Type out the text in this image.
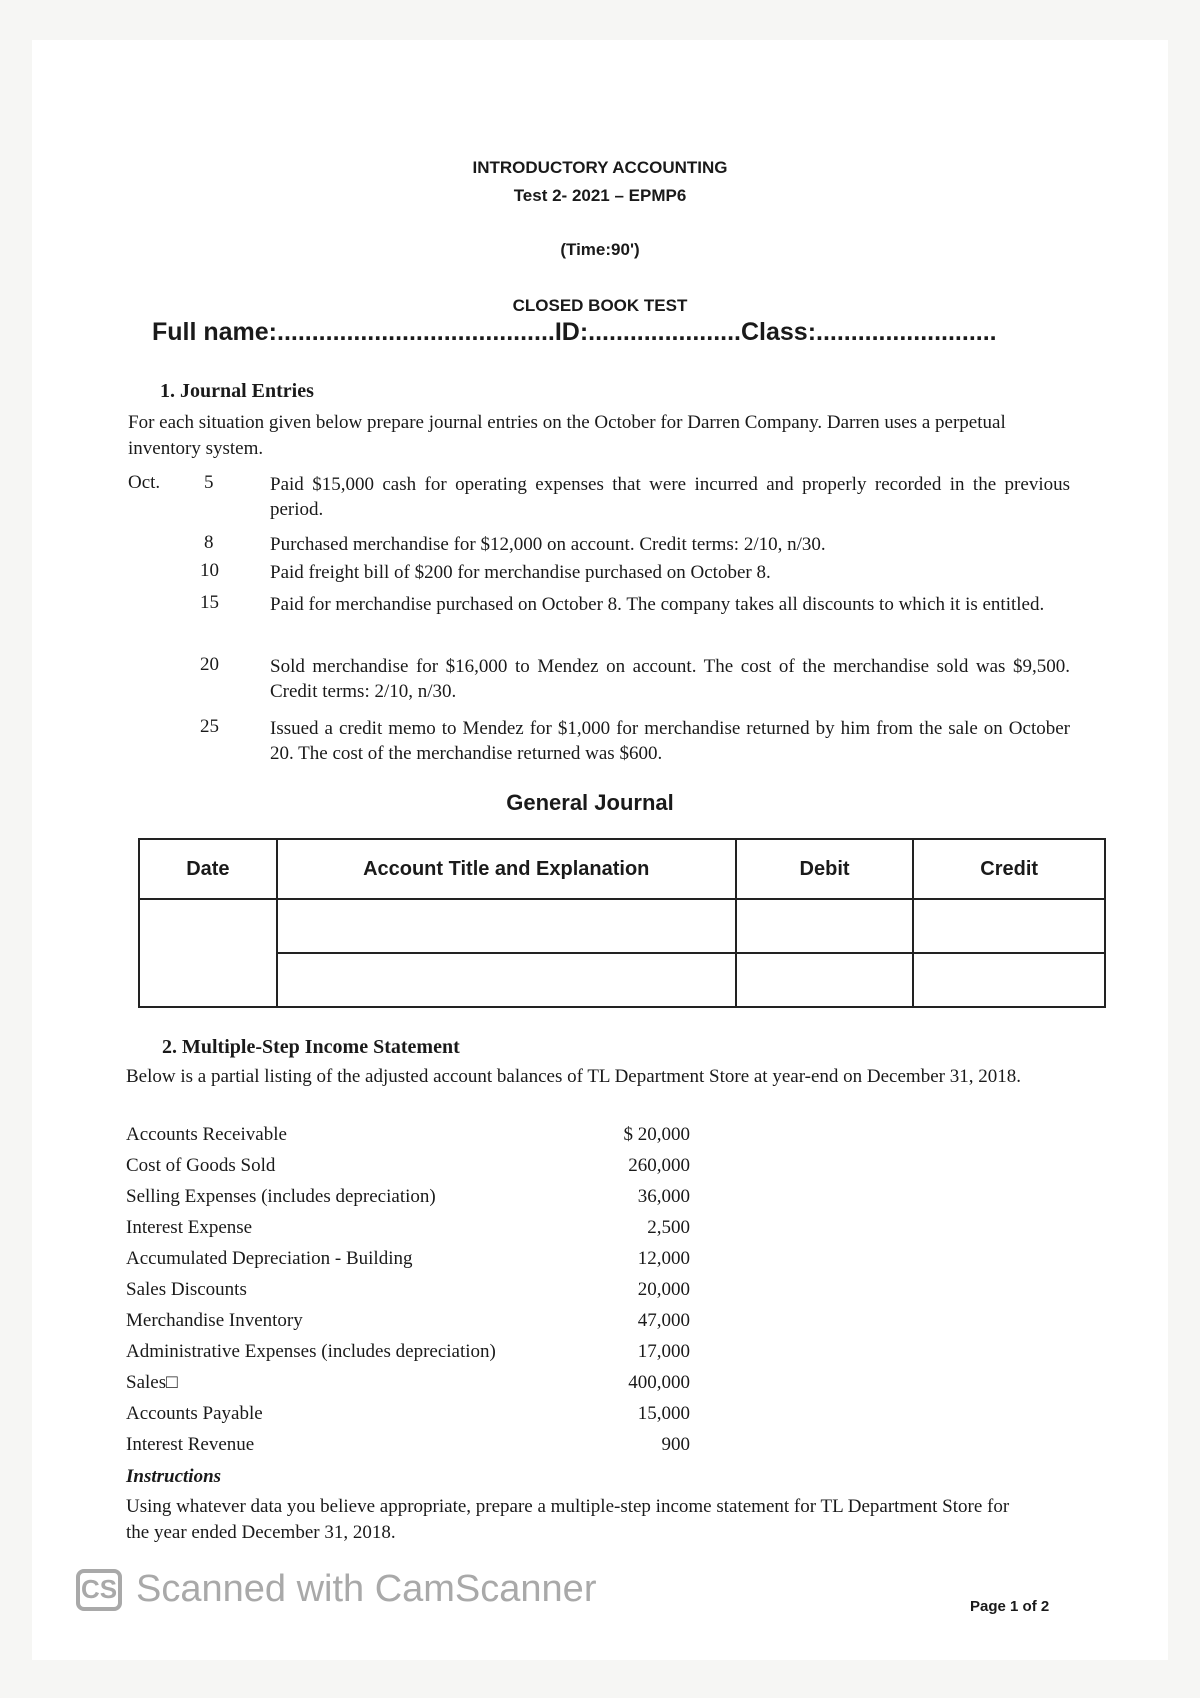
INTRODUCTORY ACCOUNTING
Test 2- 2021 – EPMP6
(Time:90')
CLOSED BOOK TEST
Full name:........................................ID:......................Class:..........................
1. Journal Entries
For each situation given below prepare journal entries on the October for Darren Company. Darren uses a perpetual inventory system.
Oct. 5	Paid $15,000 cash for operating expenses that were incurred and properly recorded in the previous period.
8	Purchased merchandise for $12,000 on account. Credit terms: 2/10, n/30.
10	Paid freight bill of $200 for merchandise purchased on October 8.
15	Paid for merchandise purchased on October 8. The company takes all discounts to which it is entitled.
20	Sold merchandise for $16,000 to Mendez on account. The cost of the merchandise sold was $9,500. Credit terms: 2/10, n/30.
25	Issued a credit memo to Mendez for $1,000 for merchandise returned by him from the sale on October 20. The cost of the merchandise returned was $600.
General Journal
Date	Account Title and Explanation	Debit	Credit

2. Multiple-Step Income Statement
Below is a partial listing of the adjusted account balances of TL Department Store at year-end on December 31, 2018.
Accounts Receivable	$ 20,000
Cost of Goods Sold	260,000
Selling Expenses (includes depreciation)	36,000
Interest Expense	2,500
Accumulated Depreciation - Building	12,000
Sales Discounts	20,000
Merchandise Inventory	47,000
Administrative Expenses (includes depreciation)	17,000
Sales□	400,000
Accounts Payable	15,000
Interest Revenue	900
Instructions
Using whatever data you believe appropriate, prepare a multiple-step income statement for TL Department Store for the year ended December 31, 2018.
CS Scanned with CamScanner	Page 1 of 2
